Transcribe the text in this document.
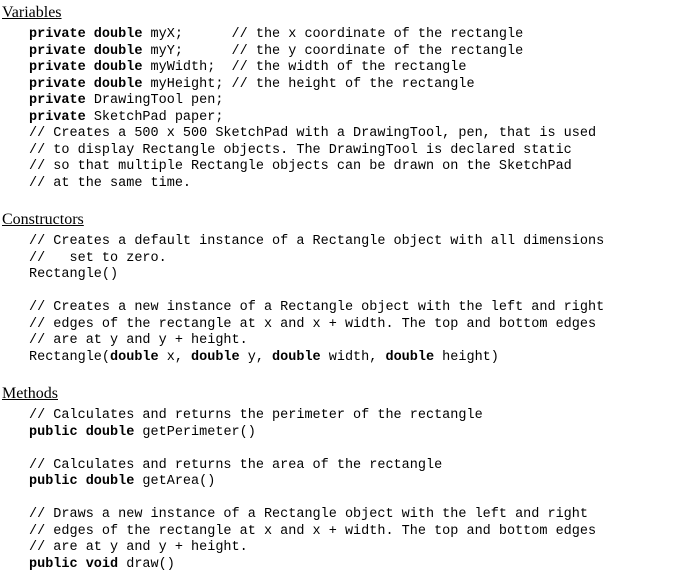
Variables
private double myX;      // the x coordinate of the rectangle
private double myY;      // the y coordinate of the rectangle
private double myWidth;  // the width of the rectangle
private double myHeight; // the height of the rectangle
private DrawingTool pen;
private SketchPad paper;
// Creates a 500 x 500 SketchPad with a DrawingTool, pen, that is used
// to display Rectangle objects. The DrawingTool is declared static
// so that multiple Rectangle objects can be drawn on the SketchPad
// at the same time.
Constructors
// Creates a default instance of a Rectangle object with all dimensions
//   set to zero.
Rectangle()
// Creates a new instance of a Rectangle object with the left and right
// edges of the rectangle at x and x + width. The top and bottom edges
// are at y and y + height.
Rectangle(double x, double y, double width, double height)
Methods
// Calculates and returns the perimeter of the rectangle
public double getPerimeter()
// Calculates and returns the area of the rectangle
public double getArea()
// Draws a new instance of a Rectangle object with the left and right
// edges of the rectangle at x and x + width. The top and bottom edges
// are at y and y + height.
public void draw()
